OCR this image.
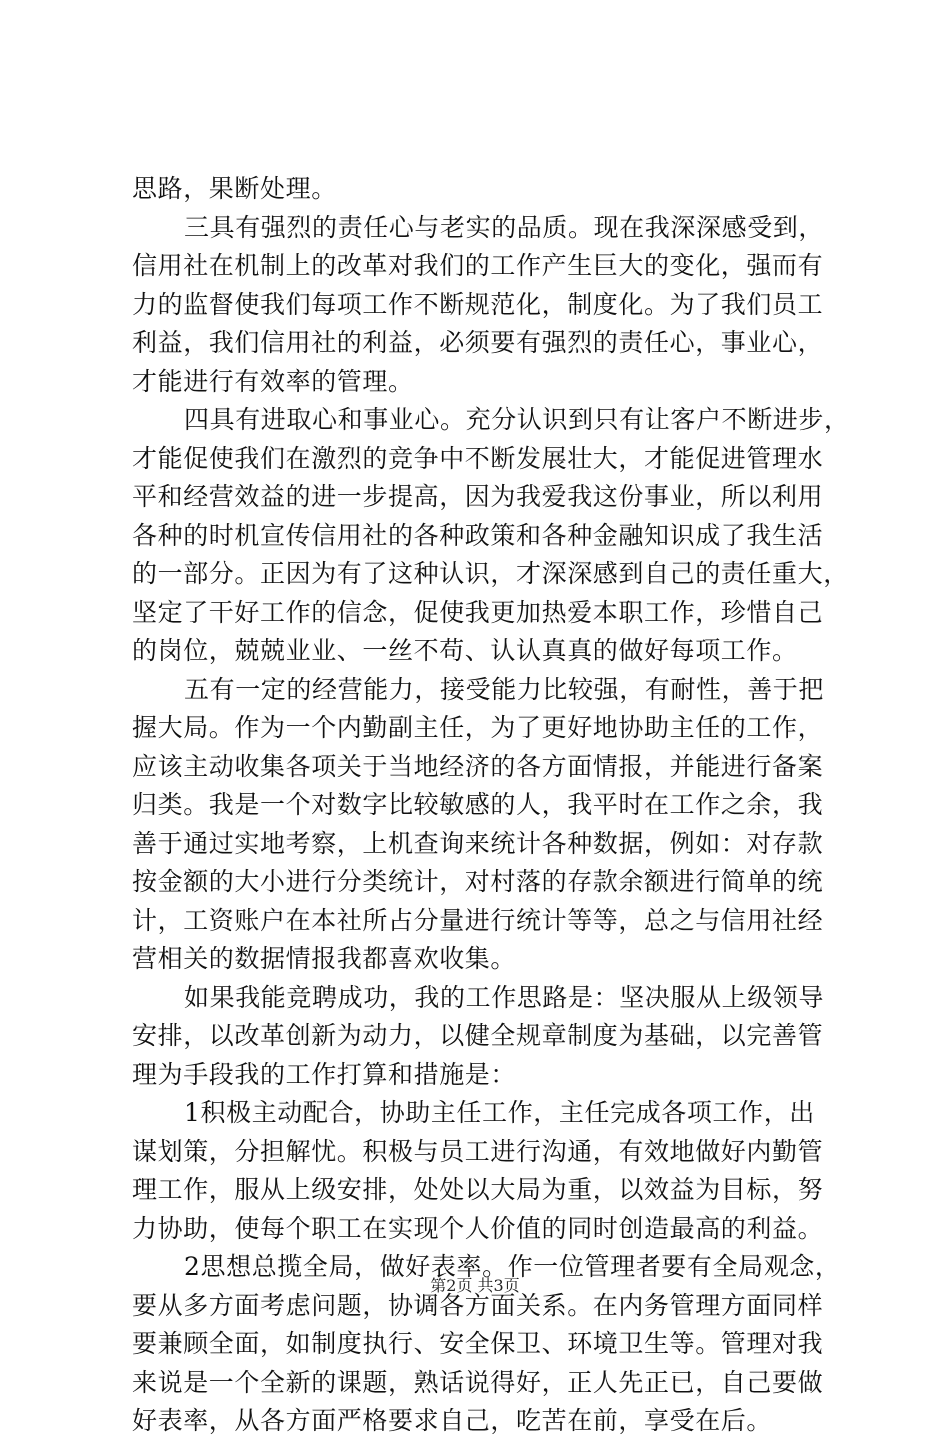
思路，果断处理。
三具有强烈的责任心与老实的品质。现在我深深感受到，
信用社在机制上的改革对我们的工作产生巨大的变化，强而有
力的监督使我们每项工作不断规范化，制度化。为了我们员工
利益，我们信用社的利益，必须要有强烈的责任心，事业心，
才能进行有效率的管理。
四具有进取心和事业心。充分认识到只有让客户不断进步，
才能促使我们在激烈的竞争中不断发展壮大，才能促进管理水
平和经营效益的进一步提高，因为我爱我这份事业，所以利用
各种的时机宣传信用社的各种政策和各种金融知识成了我生活
的一部分。正因为有了这种认识，才深深感到自己的责任重大，
坚定了干好工作的信念，促使我更加热爱本职工作，珍惜自己
的岗位，兢兢业业、一丝不苟、认认真真的做好每项工作。
五有一定的经营能力，接受能力比较强，有耐性，善于把
握大局。作为一个内勤副主任，为了更好地协助主任的工作，
应该主动收集各项关于当地经济的各方面情报，并能进行备案
归类。我是一个对数字比较敏感的人，我平时在工作之余，我
善于通过实地考察，上机查询来统计各种数据，例如：对存款
按金额的大小进行分类统计，对村落的存款余额进行简单的统
计，工资账户在本社所占分量进行统计等等，总之与信用社经
营相关的数据情报我都喜欢收集。
如果我能竞聘成功，我的工作思路是：坚决服从上级领导
安排，以改革创新为动力，以健全规章制度为基础，以完善管
理为手段我的工作打算和措施是：
1积极主动配合，协助主任工作，主任完成各项工作，出
谋划策，分担解忧。积极与员工进行沟通，有效地做好内勤管
理工作，服从上级安排，处处以大局为重，以效益为目标，努
力协助，使每个职工在实现个人价值的同时创造最高的利益。
2思想总揽全局，做好表率。作一位管理者要有全局观念，
要从多方面考虑问题，协调各方面关系。在内务管理方面同样
要兼顾全面，如制度执行、安全保卫、环境卫生等。管理对我
来说是一个全新的课题，熟话说得好，正人先正已，自己要做
好表率，从各方面严格要求自己，吃苦在前，享受在后。
第2页 共3页
